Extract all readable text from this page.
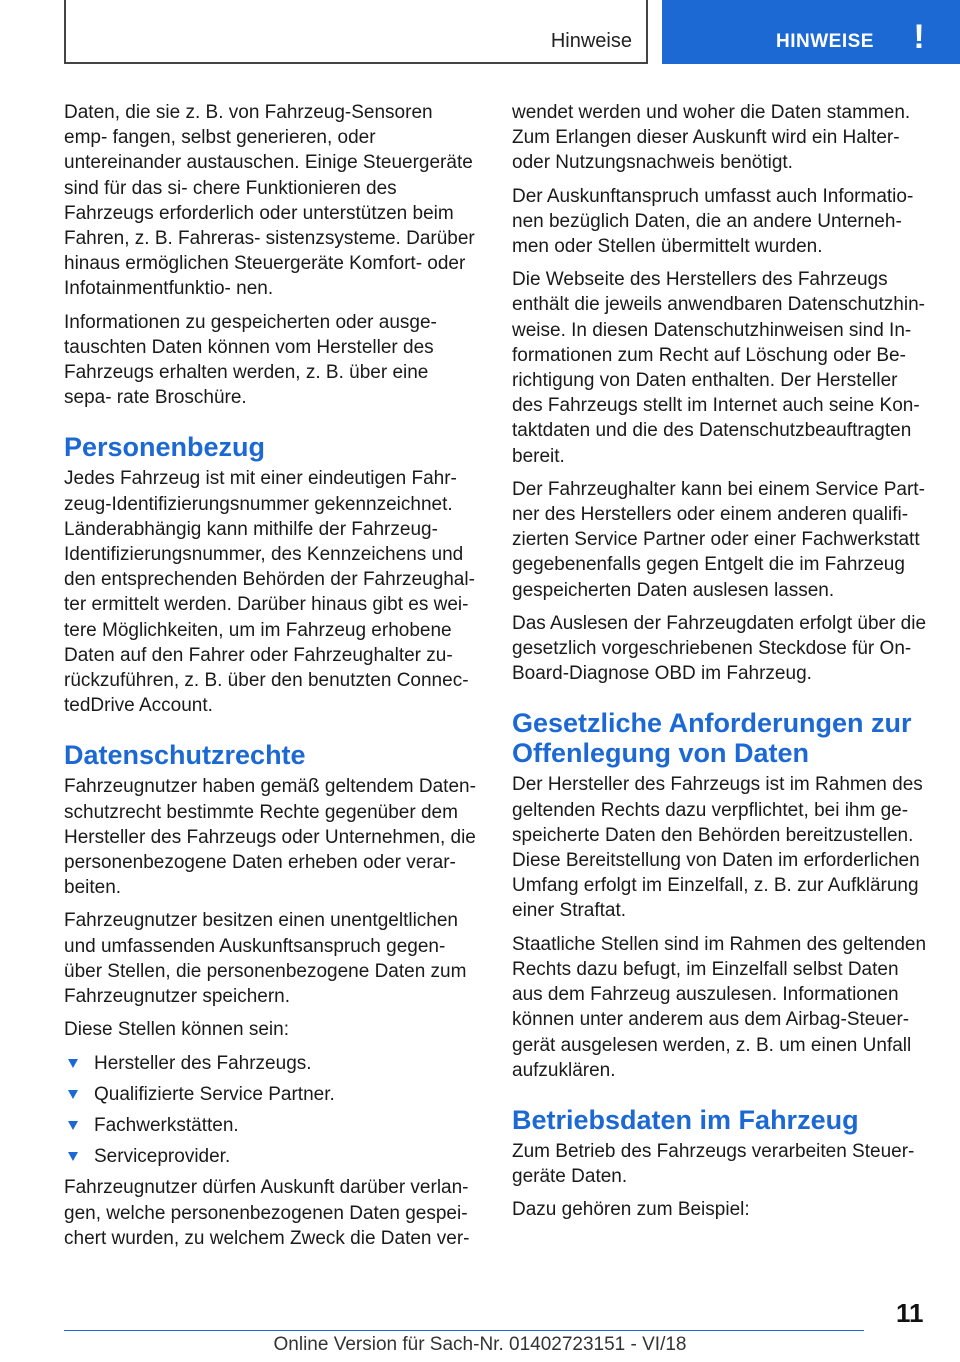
Hinweise	HINWEISE !

Daten, die sie z. B. von Fahrzeug-Sensoren emp- fangen, selbst generieren, oder untereinander austauschen. Einige Steuergeräte sind für das si- chere Funktionieren des Fahrzeugs erforderlich oder unterstützen beim Fahren, z. B. Fahreras- sistenzsysteme. Darüber hinaus ermöglichen Steuergeräte Komfort- oder Infotainmentfunktio- nen.

Informationen zu gespeicherten oder ausge- tauschten Daten können vom Hersteller des Fahrzeugs erhalten werden, z. B. über eine sepa- rate Broschüre.

Personenbezug

Jedes Fahrzeug ist mit einer eindeutigen Fahr- zeug-Identifizierungsnummer gekennzeichnet. Länderabhängig kann mithilfe der Fahrzeug- Identifizierungsnummer, des Kennzeichens und den entsprechenden Behörden der Fahrzeughal- ter ermittelt werden. Darüber hinaus gibt es wei- tere Möglichkeiten, um im Fahrzeug erhobene Daten auf den Fahrer oder Fahrzeughalter zu- rückzuführen, z. B. über den benutzten Connec- tedDrive Account.

Datenschutzrechte

Fahrzeugnutzer haben gemäß geltendem Daten- schutzrecht bestimmte Rechte gegenüber dem Hersteller des Fahrzeugs oder Unternehmen, die personenbezogene Daten erheben oder verar- beiten.

Fahrzeugnutzer besitzen einen unentgeltlichen und umfassenden Auskunftsanspruch gegen- über Stellen, die personenbezogene Daten zum Fahrzeugnutzer speichern.

Diese Stellen können sein:

Hersteller des Fahrzeugs.
Qualifizierte Service Partner.
Fachwerkstätten.
Serviceprovider.

Fahrzeugnutzer dürfen Auskunft darüber verlan- gen, welche personenbezogenen Daten gespei- chert wurden, zu welchem Zweck die Daten ver-

wendet werden und woher die Daten stammen. Zum Erlangen dieser Auskunft wird ein Halter- oder Nutzungsnachweis benötigt.

Der Auskunftanspruch umfasst auch Informatio- nen bezüglich Daten, die an andere Unterneh- men oder Stellen übermittelt wurden.

Die Webseite des Herstellers des Fahrzeugs enthält die jeweils anwendbaren Datenschutzhin- weise. In diesen Datenschutzhinweisen sind In- formationen zum Recht auf Löschung oder Be- richtigung von Daten enthalten. Der Hersteller des Fahrzeugs stellt im Internet auch seine Kon- taktdaten und die des Datenschutzbeauftragten bereit.

Der Fahrzeughalter kann bei einem Service Part- ner des Herstellers oder einem anderen qualifi- zierten Service Partner oder einer Fachwerkstatt gegebenenfalls gegen Entgelt die im Fahrzeug gespeicherten Daten auslesen lassen.

Das Auslesen der Fahrzeugdaten erfolgt über die gesetzlich vorgeschriebenen Steckdose für On- Board-Diagnose OBD im Fahrzeug.

Gesetzliche Anforderungen zur Offenlegung von Daten

Der Hersteller des Fahrzeugs ist im Rahmen des geltenden Rechts dazu verpflichtet, bei ihm ge- speicherte Daten den Behörden bereitzustellen. Diese Bereitstellung von Daten im erforderlichen Umfang erfolgt im Einzelfall, z. B. zur Aufklärung einer Straftat.

Staatliche Stellen sind im Rahmen des geltenden Rechts dazu befugt, im Einzelfall selbst Daten aus dem Fahrzeug auszulesen. Informationen können unter anderem aus dem Airbag-Steuer- gerät ausgelesen werden, z. B. um einen Unfall aufzuklären.

Betriebsdaten im Fahrzeug

Zum Betrieb des Fahrzeugs verarbeiten Steuer- geräte Daten.

Dazu gehören zum Beispiel:

11
Online Version für Sach-Nr. 01402723151 - VI/18
